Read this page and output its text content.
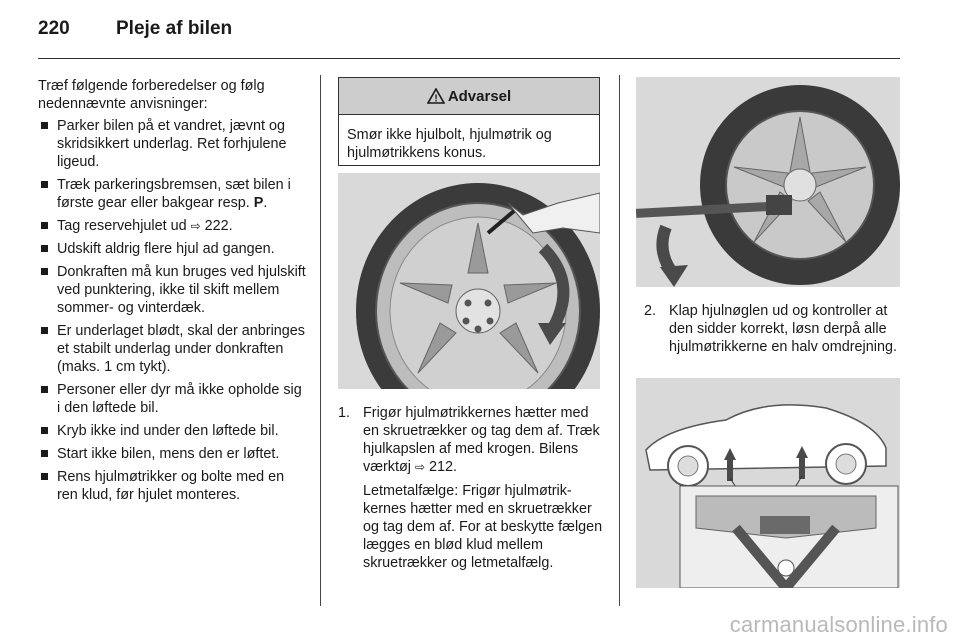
220 Pleje af bilen

Træf følgende forberedelser og følg nedennævnte anvisninger:

Parker bilen på et vandret, jævnt og skridsikkert underlag. Ret forhjulene ligeud.
Træk parkeringsbremsen, sæt bilen i første gear eller bakgear resp. P.
Tag reservehjulet ud ⇨ 222.
Udskift aldrig flere hjul ad gangen.
Donkraften må kun bruges ved hjulskift ved punktering, ikke til skift mellem sommer- og vinterdæk.
Er underlaget blødt, skal der anbringes et stabilt underlag under donkraften (maks. 1 cm tykt).
Personer eller dyr må ikke opholde sig i den løftede bil.
Kryb ikke ind under den løftede bil.
Start ikke bilen, mens den er løftet.
Rens hjulmøtrikker og bolte med en ren klud, før hjulet monteres.
! Advarsel
Smør ikke hjulbolt, hjulmøtrik og hjulmøtrikkens konus.
1. Frigør hjulmøtrikkernes hætter med en skruetrækker og tag dem af. Træk hjulkapslen af med krogen. Bilens værktøj ⇨ 212.

Letmetalfælge: Frigør hjulmøtrikkernes hætter med en skruetrækker og tag dem af. For at beskytte fælgen lægges en blød klud mellem skruetrækker og letmetalfælg.

2. Klap hjulnøglen ud og kontroller at den sidder korrekt, løsn derpå alle hjulmøtrikkerne en halv omdrejning.

carmanualsonline.info
